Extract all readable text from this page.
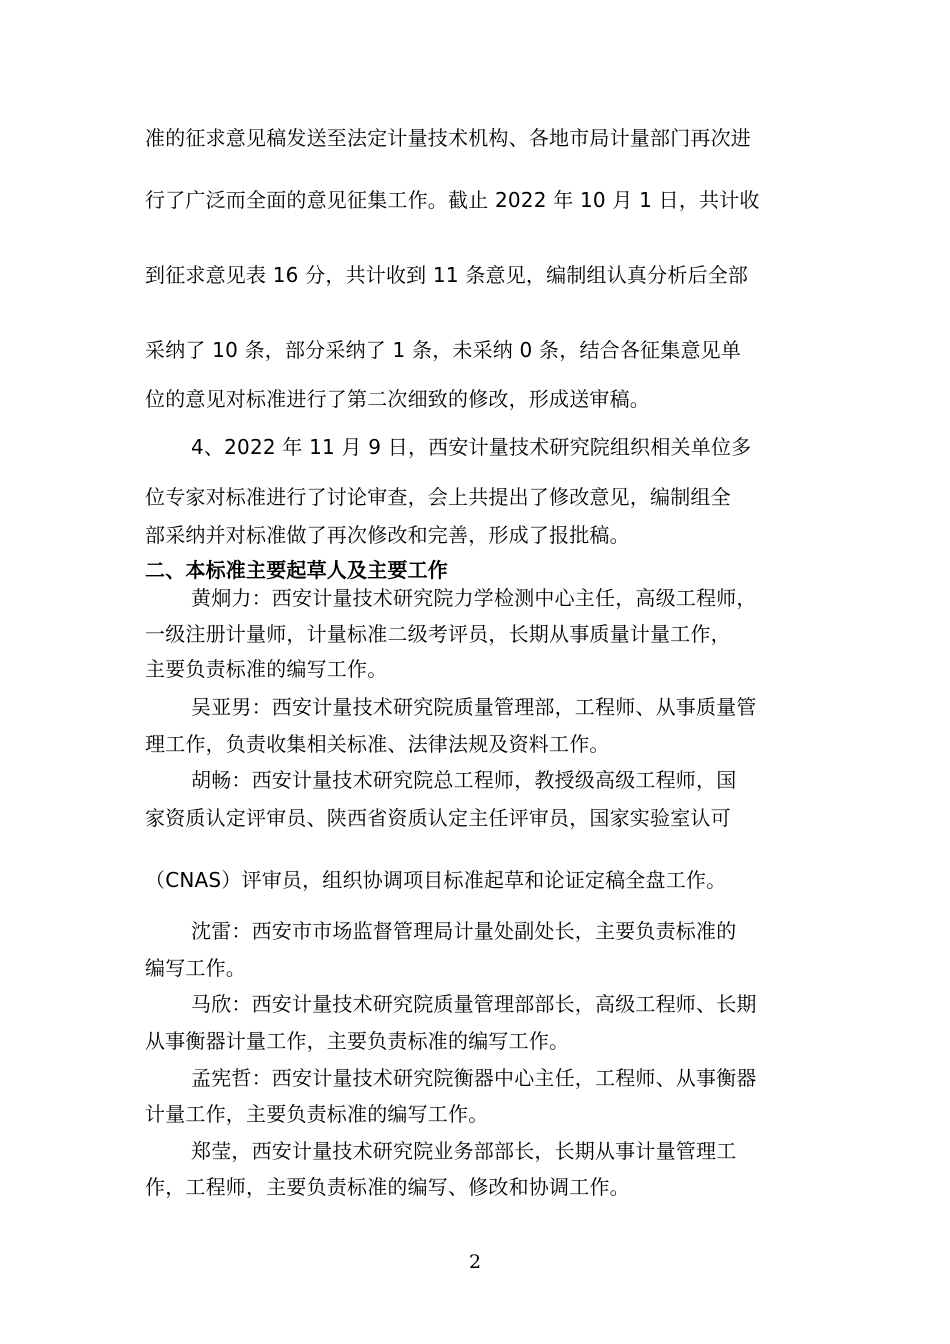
准的征求意见稿发送至法定计量技术机构、各地市局计量部门再次进
行了广泛而全面的意见征集工作。截止 2022 年 10 月 1 日，共计收
到征求意见表 16 分，共计收到 11 条意见，编制组认真分析后全部
采纳了 10 条，部分采纳了 1 条，未采纳 0 条，结合各征集意见单
位的意见对标准进行了第二次细致的修改，形成送审稿。
4、2022 年 11 月 9 日，西安计量技术研究院组织相关单位多
位专家对标准进行了讨论审查，会上共提出了修改意见，编制组全
部采纳并对标准做了再次修改和完善，形成了报批稿。
二、本标准主要起草人及主要工作
黄炯力：西安计量技术研究院力学检测中心主任，高级工程师，
一级注册计量师，计量标准二级考评员，长期从事质量计量工作，
主要负责标准的编写工作。
吴亚男：西安计量技术研究院质量管理部，工程师、从事质量管
理工作，负责收集相关标准、法律法规及资料工作。
胡畅：西安计量技术研究院总工程师，教授级高级工程师，国
家资质认定评审员、陕西省资质认定主任评审员，国家实验室认可
（CNAS）评审员，组织协调项目标准起草和论证定稿全盘工作。
沈雷：西安市市场监督管理局计量处副处长，主要负责标准的
编写工作。
马欣：西安计量技术研究院质量管理部部长，高级工程师、长期
从事衡器计量工作，主要负责标准的编写工作。
孟宪哲：西安计量技术研究院衡器中心主任，工程师、从事衡器
计量工作，主要负责标准的编写工作。
郑莹，西安计量技术研究院业务部部长，长期从事计量管理工
作，工程师，主要负责标准的编写、修改和协调工作。
2
